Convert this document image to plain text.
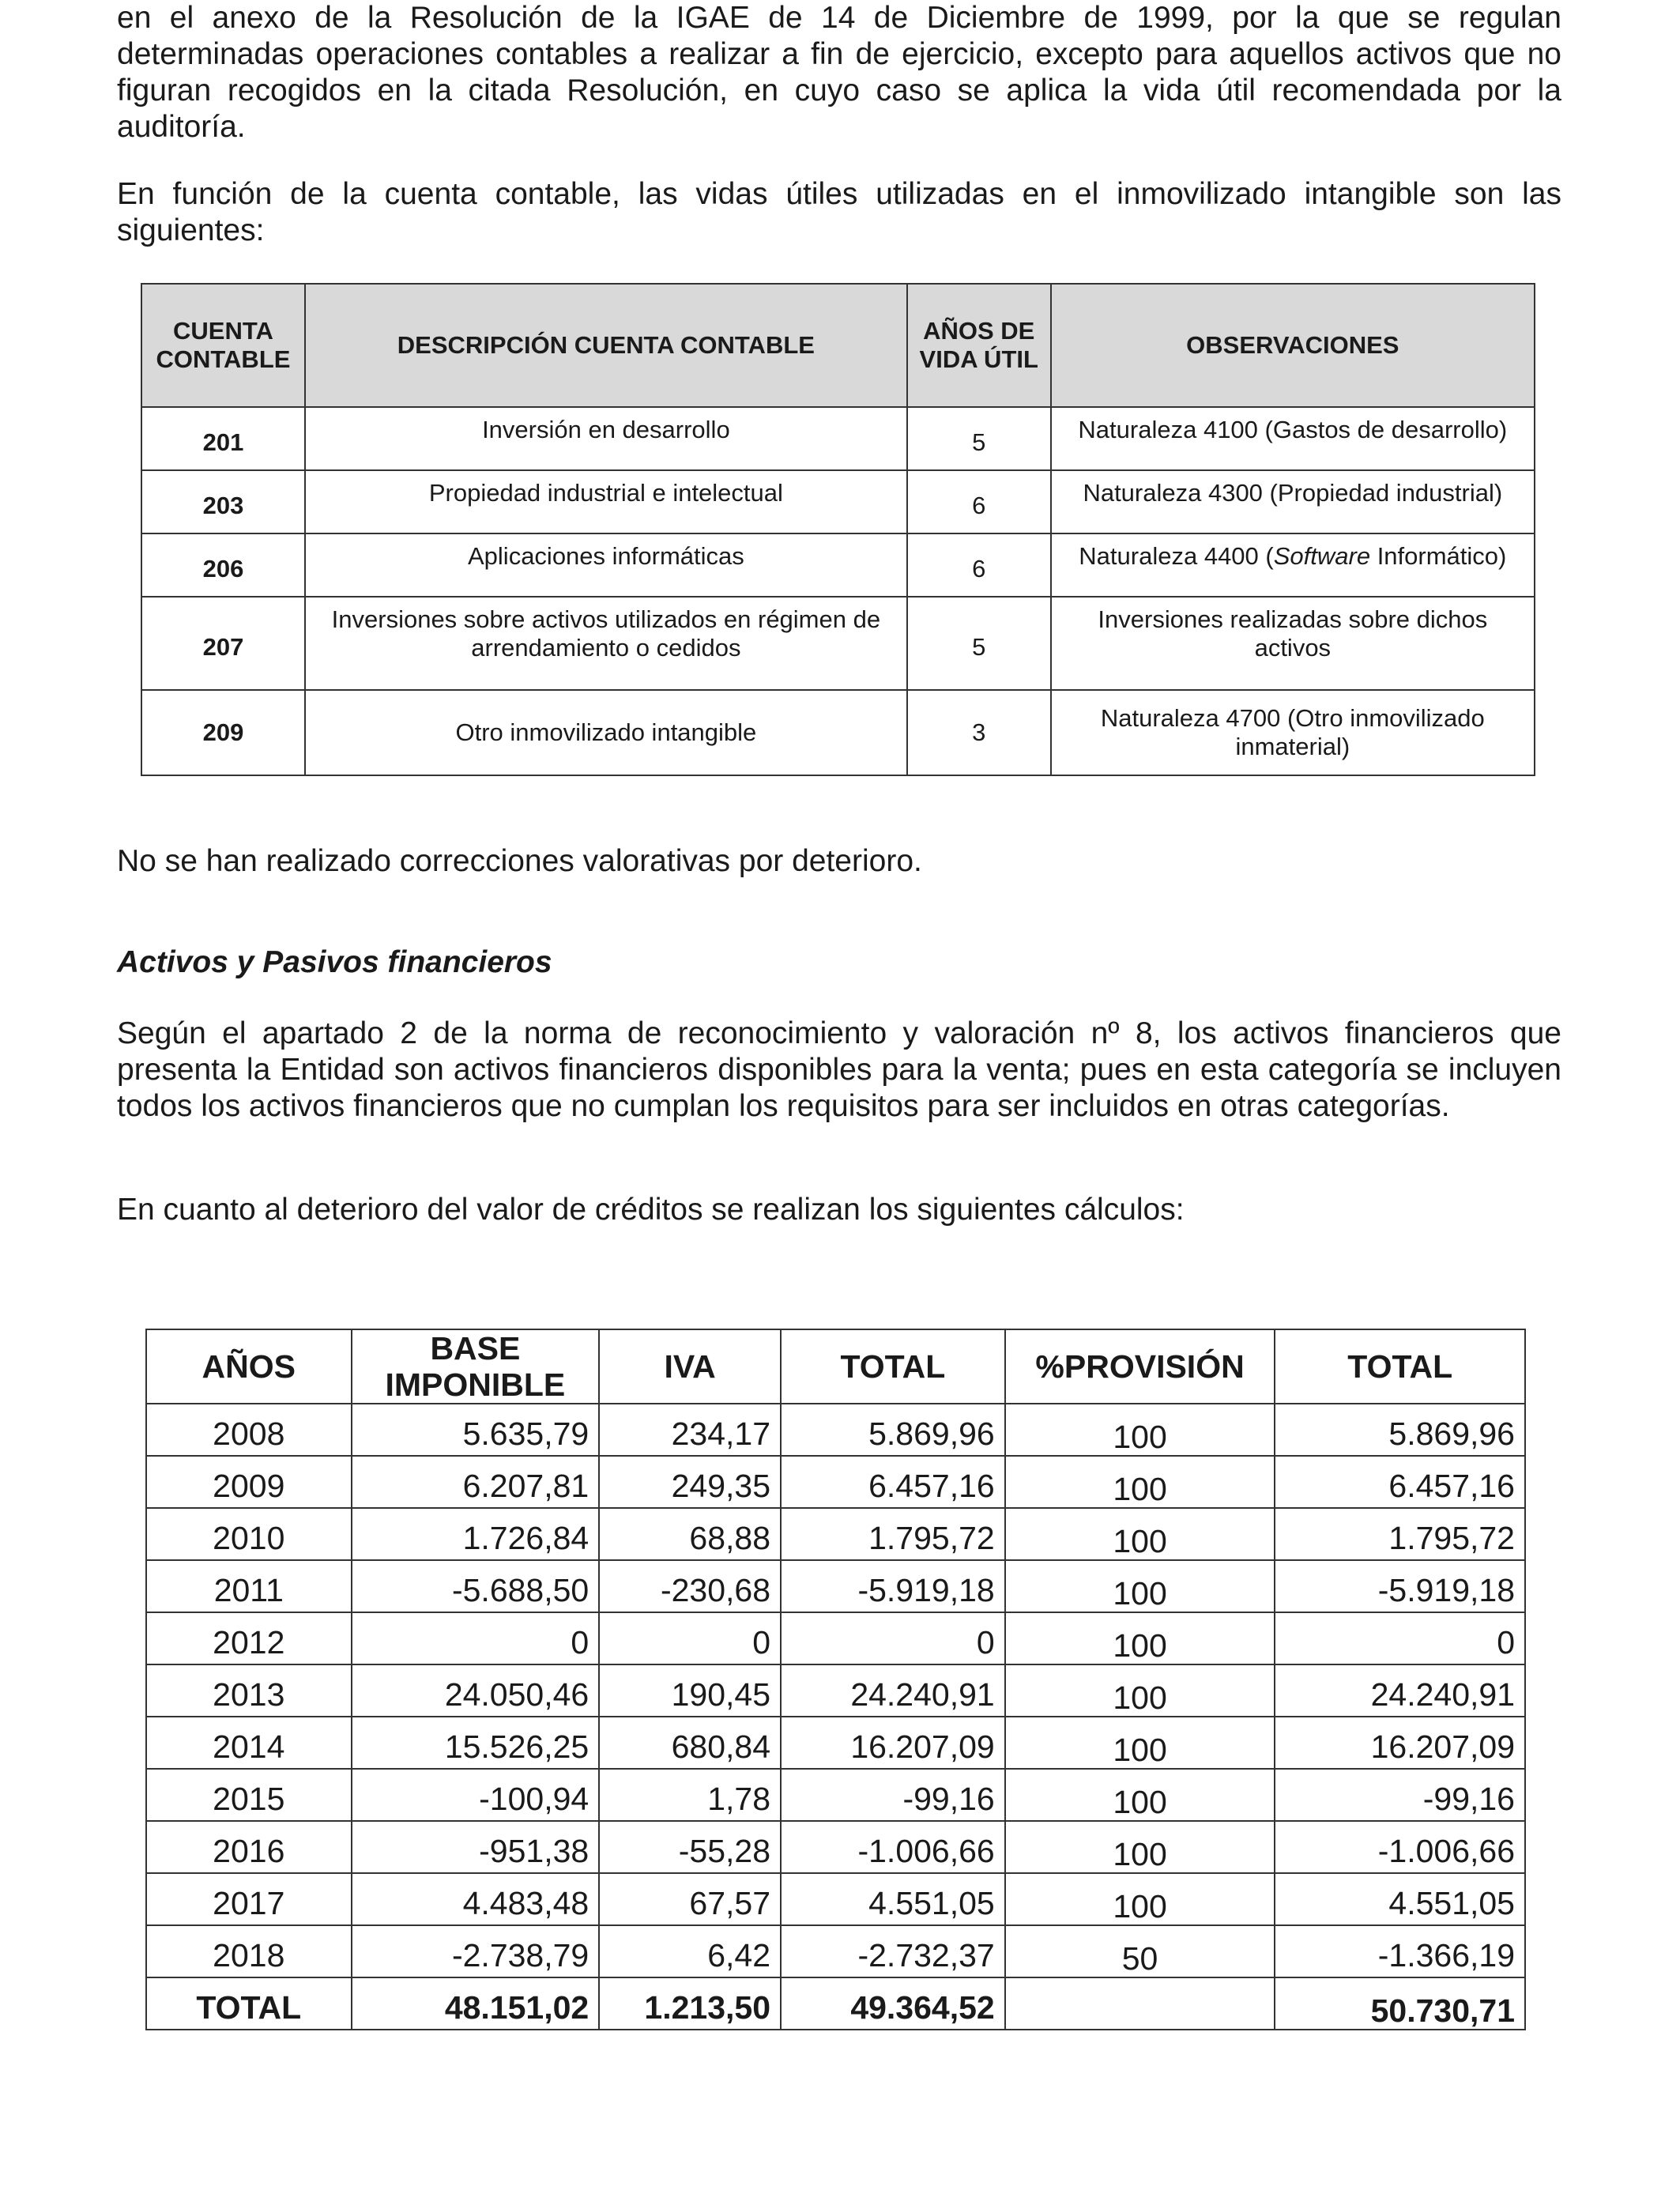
en el anexo de la Resolución de la IGAE de 14 de Diciembre de 1999, por la que se regulan determinadas operaciones contables a realizar a fin de ejercicio, excepto para aquellos activos que no figuran recogidos en la citada Resolución, en cuyo caso se aplica la vida útil recomendada por la auditoría.

En función de la cuenta contable, las vidas útiles utilizadas en el inmovilizado intangible son las siguientes:

CUENTA CONTABLE	DESCRIPCIÓN CUENTA CONTABLE	AÑOS DE VIDA ÚTIL	OBSERVACIONES
201	Inversión en desarrollo	5	Naturaleza 4100 (Gastos de desarrollo)
203	Propiedad industrial e intelectual	6	Naturaleza 4300 (Propiedad industrial)
206	Aplicaciones informáticas	6	Naturaleza 4400 (Software Informático)
207	Inversiones sobre activos utilizados en régimen de arrendamiento o cedidos	5	Inversiones realizadas sobre dichos activos
209	Otro inmovilizado intangible	3	Naturaleza 4700 (Otro inmovilizado inmaterial)

No se han realizado correcciones valorativas por deterioro.

Activos y Pasivos financieros

Según el apartado 2 de la norma de reconocimiento y valoración nº 8, los activos financieros que presenta la Entidad son activos financieros disponibles para la venta; pues en esta categoría se incluyen todos los activos financieros que no cumplan los requisitos para ser incluidos en otras categorías.

En cuanto al deterioro del valor de créditos se realizan los siguientes cálculos:

AÑOS	BASE IMPONIBLE	IVA	TOTAL	%PROVISIÓN	TOTAL
2008	5.635,79	234,17	5.869,96	100	5.869,96
2009	6.207,81	249,35	6.457,16	100	6.457,16
2010	1.726,84	68,88	1.795,72	100	1.795,72
2011	-5.688,50	-230,68	-5.919,18	100	-5.919,18
2012	0	0	0	100	0
2013	24.050,46	190,45	24.240,91	100	24.240,91
2014	15.526,25	680,84	16.207,09	100	16.207,09
2015	-100,94	1,78	-99,16	100	-99,16
2016	-951,38	-55,28	-1.006,66	100	-1.006,66
2017	4.483,48	67,57	4.551,05	100	4.551,05
2018	-2.738,79	6,42	-2.732,37	50	-1.366,19
TOTAL	48.151,02	1.213,50	49.364,52		50.730,71
